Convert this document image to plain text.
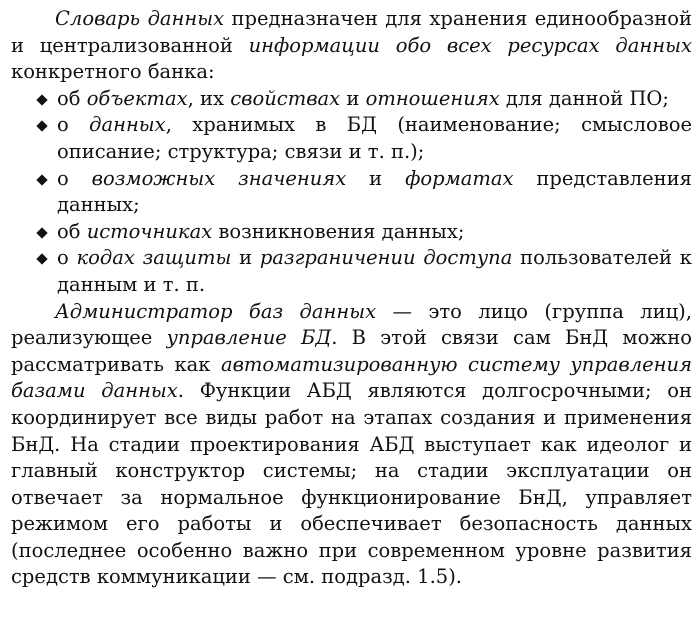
Словарь данных предназначен для хранения единообразной и централизованной информации обо всех ресурсах данных конкретного банка:

об объектах, их свойствах и отношениях для данной ПО;
о данных, хранимых в БД (наименование; смысловое описание; структура; связи и т. п.);
о возможных значениях и форматах представления данных;
об источниках возникновения данных;
о кодах защиты и разграничении доступа пользователей к данным и т. п.

Администратор баз данных — это лицо (группа лиц), реализующее управление БД. В этой связи сам БнД можно рассматривать как автоматизированную систему управления базами данных. Функции АБД являются долгосрочными; он координирует все виды работ на этапах создания и применения БнД. На стадии проектирования АБД выступает как идеолог и главный конструктор системы; на стадии эксплуатации он отвечает за нормальное функционирование БнД, управляет режимом его работы и обеспечивает безопасность данных (последнее особенно важно при современном уровне развития средств коммуникации — см. подразд. 1.5).
